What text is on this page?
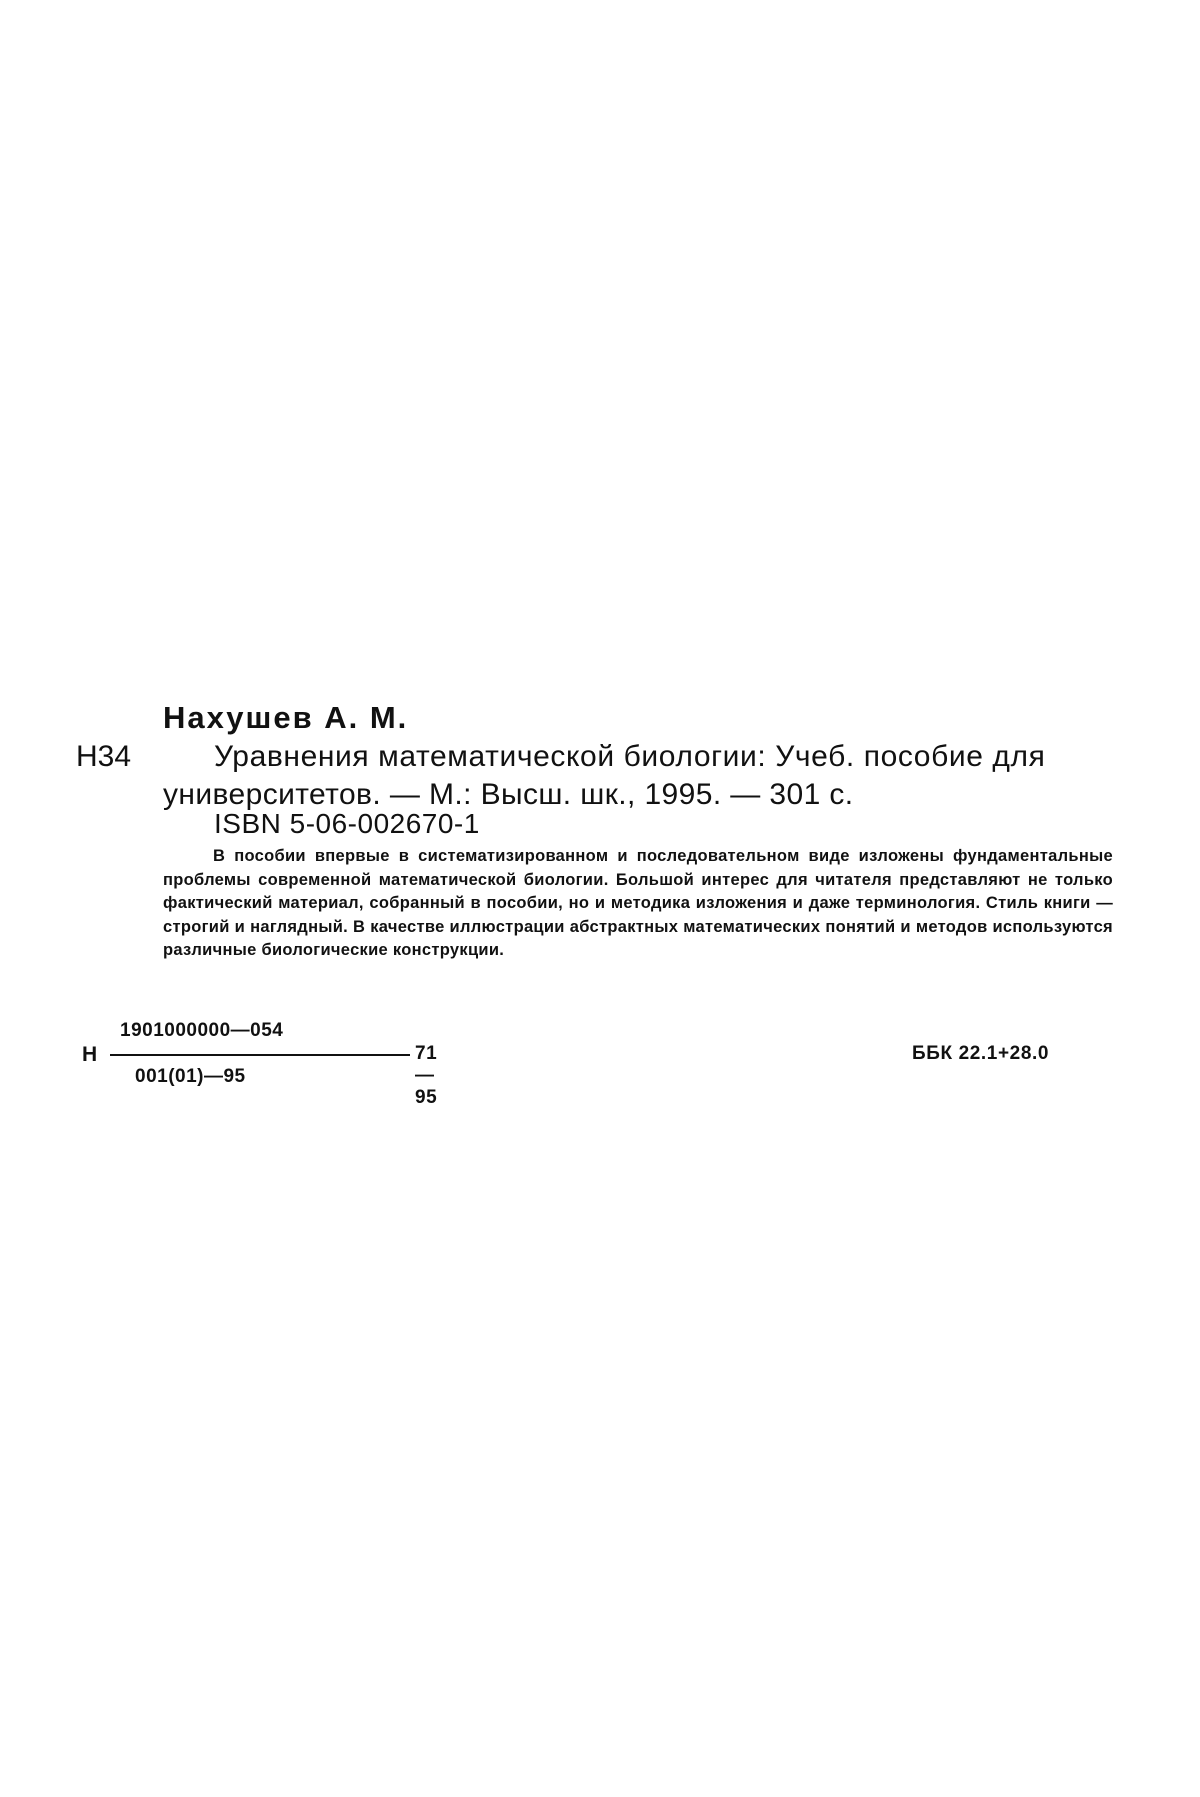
Нахушев А. М.
Н34	Уравнения математической биологии: Учеб. пособие для
университетов. — М.: Высш. шк., 1995. — 301 с.
ISBN 5-06-002670-1

В пособии впервые в систематизированном и последовательном виде изложены фундаментальные проблемы современной математической биологии. Большой интерес для читателя представляют не только фактический материал, собранный в пособии, но и методика изложения и даже терминология. Стиль книги — строгий и наглядный. В качестве иллюстрации абстрактных математических понятий и методов используются различные биологические конструкции.

Н
1901000000—054
001(01)—95
71—95
ББК 22.1+28.0
